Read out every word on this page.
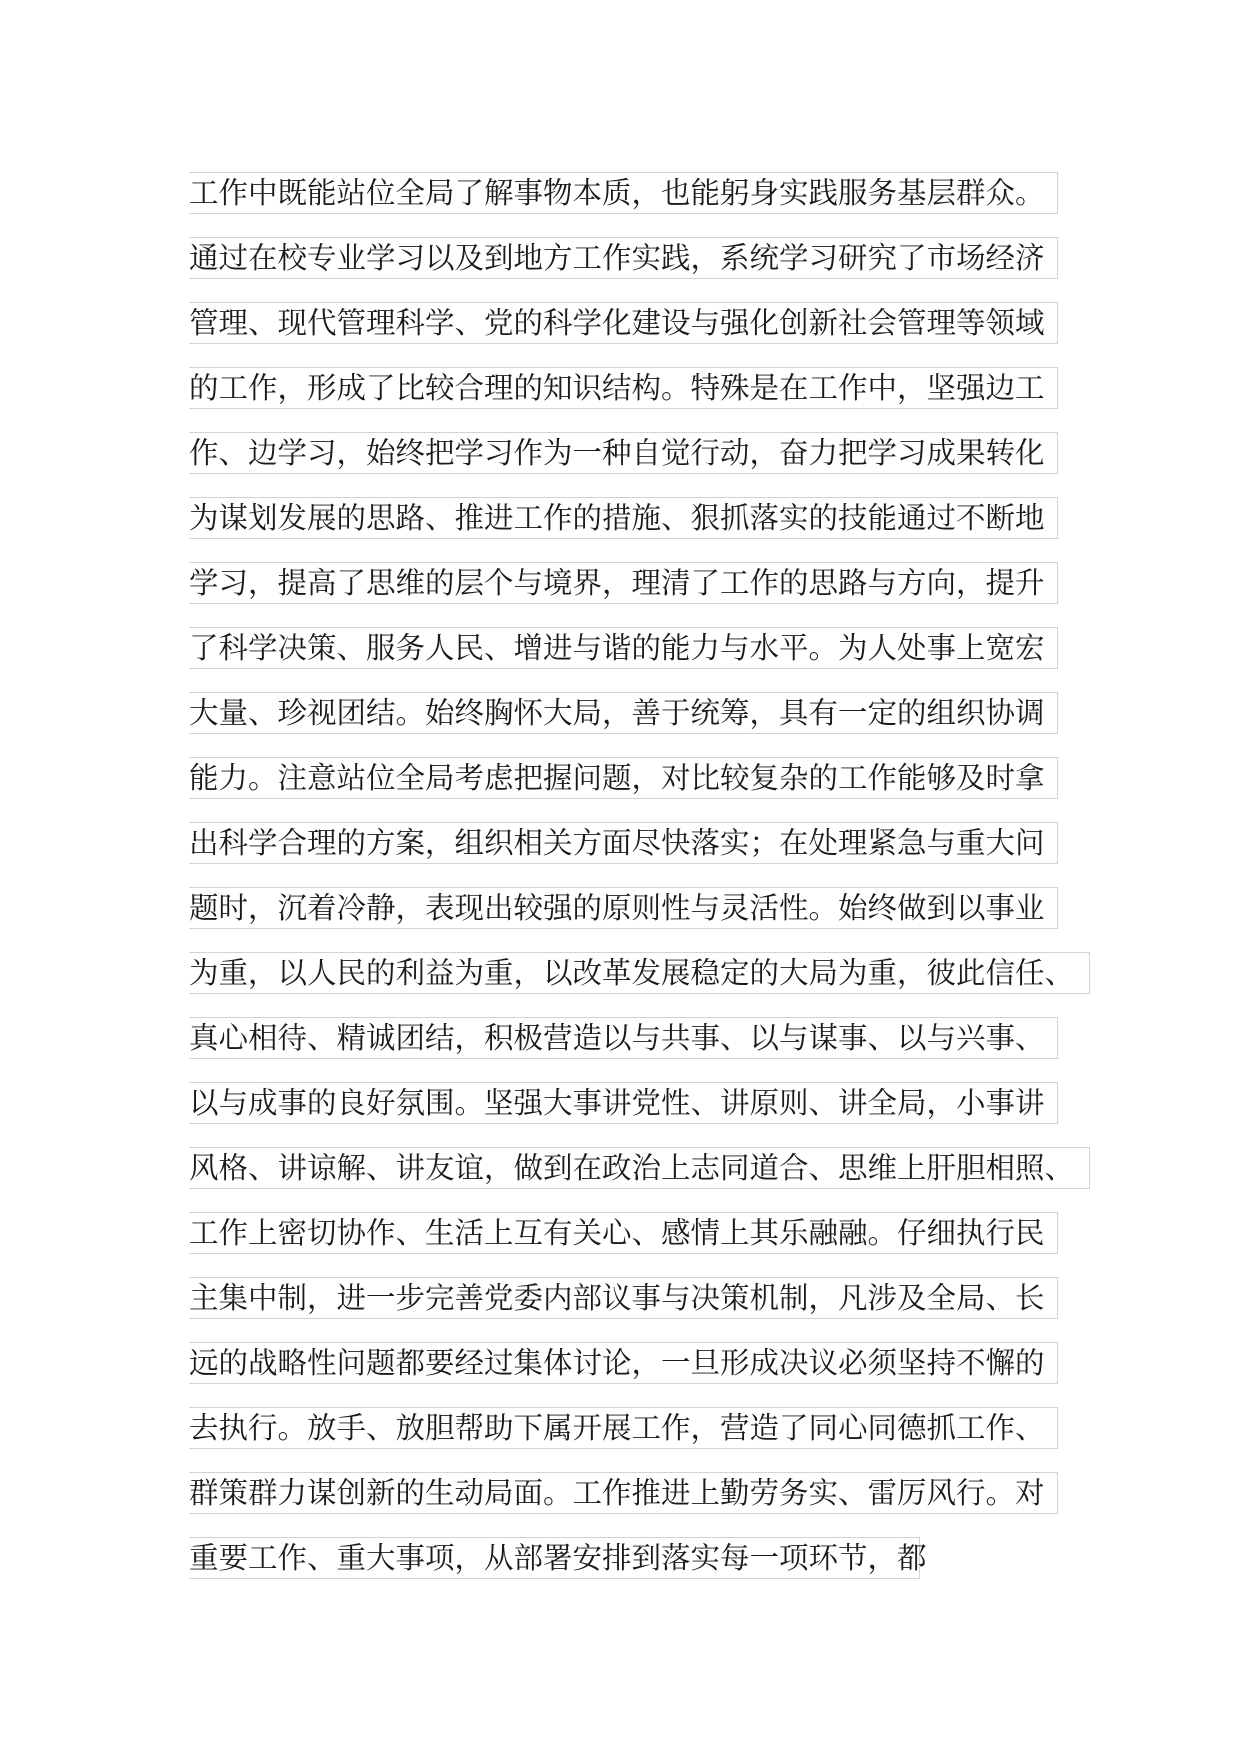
工作中既能站位全局了解事物本质，也能躬身实践服务基层群众。
通过在校专业学习以及到地方工作实践，系统学习研究了市场经济
管理、现代管理科学、党的科学化建设与强化创新社会管理等领域
的工作，形成了比较合理的知识结构。特殊是在工作中，坚强边工
作、边学习，始终把学习作为一种自觉行动，奋力把学习成果转化
为谋划发展的思路、推进工作的措施、狠抓落实的技能通过不断地
学习，提高了思维的层个与境界，理清了工作的思路与方向，提升
了科学决策、服务人民、增进与谐的能力与水平。为人处事上宽宏
大量、珍视团结。始终胸怀大局，善于统筹，具有一定的组织协调
能力。注意站位全局考虑把握问题，对比较复杂的工作能够及时拿
出科学合理的方案，组织相关方面尽快落实；在处理紧急与重大问
题时，沉着冷静，表现出较强的原则性与灵活性。始终做到以事业
为重，以人民的利益为重，以改革发展稳定的大局为重，彼此信任、
真心相待、精诚团结，积极营造以与共事、以与谋事、以与兴事、
以与成事的良好氛围。坚强大事讲党性、讲原则、讲全局，小事讲
风格、讲谅解、讲友谊，做到在政治上志同道合、思维上肝胆相照、
工作上密切协作、生活上互有关心、感情上其乐融融。仔细执行民
主集中制，进一步完善党委内部议事与决策机制，凡涉及全局、长
远的战略性问题都要经过集体讨论，一旦形成决议必须坚持不懈的
去执行。放手、放胆帮助下属开展工作，营造了同心同德抓工作、
群策群力谋创新的生动局面。工作推进上勤劳务实、雷厉风行。对
重要工作、重大事项，从部署安排到落实每一项环节，都
